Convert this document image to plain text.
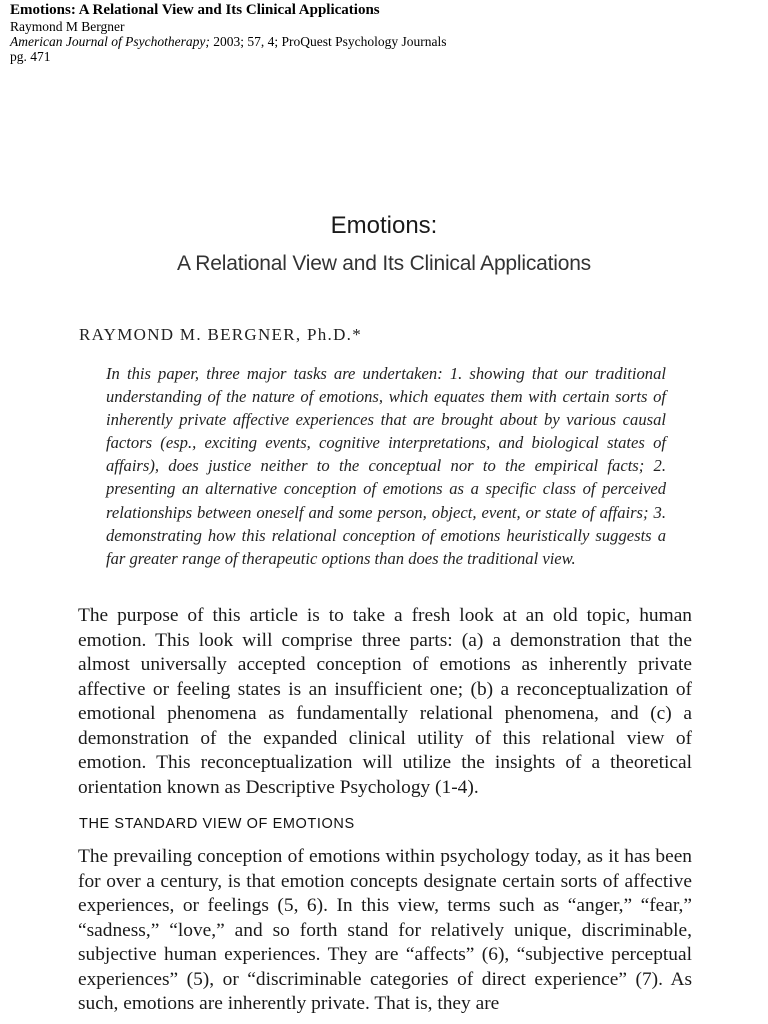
Emotions: A Relational View and Its Clinical Applications
Raymond M Bergner
American Journal of Psychotherapy; 2003; 57, 4; ProQuest Psychology Journals
pg. 471
Emotions:
A Relational View and Its Clinical Applications
RAYMOND M. BERGNER, Ph.D.*

In this paper, three major tasks are undertaken: 1. showing that our traditional understanding of the nature of emotions, which equates them with certain sorts of inherently private affective experiences that are brought about by various causal factors (esp., exciting events, cognitive interpretations, and biological states of affairs), does justice neither to the conceptual nor to the empirical facts; 2. presenting an alternative conception of emotions as a specific class of perceived relationships between oneself and some person, object, event, or state of affairs; 3. demonstrating how this relational conception of emotions heuristically suggests a far greater range of therapeutic options than does the traditional view.

The purpose of this article is to take a fresh look at an old topic, human emotion. This look will comprise three parts: (a) a demonstration that the almost universally accepted conception of emotions as inherently private affective or feeling states is an insufficient one; (b) a reconceptualization of emotional phenomena as fundamentally relational phenomena, and (c) a demonstration of the expanded clinical utility of this relational view of emotion. This reconceptualization will utilize the insights of a theoretical orientation known as Descriptive Psychology (1-4).

THE STANDARD VIEW OF EMOTIONS

The prevailing conception of emotions within psychology today, as it has been for over a century, is that emotion concepts designate certain sorts of affective experiences, or feelings (5, 6). In this view, terms such as “anger,” “fear,” “sadness,” “love,” and so forth stand for relatively unique, discriminable, subjective human experiences. They are “affects” (6), “subjective perceptual experiences” (5), or “discriminable categories of direct experience” (7). As such, emotions are inherently private. That is, they are
